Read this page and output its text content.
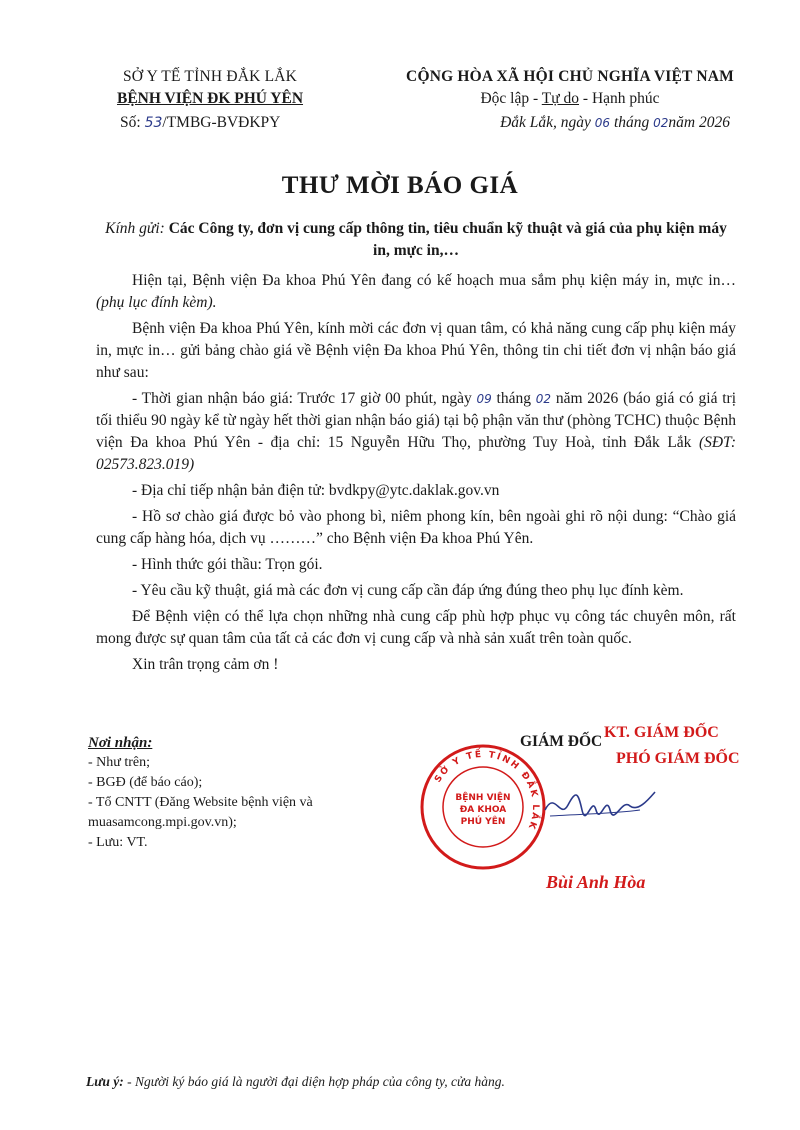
SỞ Y TẾ TỈNH ĐẮK LẮK
BỆNH VIỆN ĐK PHÚ YÊN
Số: 53/TMBG-BVĐKPY
CỘNG HÒA XÃ HỘI CHỦ NGHĨA VIỆT NAM
Độc lập - Tự do - Hạnh phúc
Đắk Lắk, ngày 06 tháng 02năm 2026
THƯ MỜI BÁO GIÁ
Kính gửi: Các Công ty, đơn vị cung cấp thông tin, tiêu chuẩn kỹ thuật và giá của phụ kiện máy in, mực in,…

Hiện tại, Bệnh viện Đa khoa Phú Yên đang có kế hoạch mua sắm phụ kiện máy in, mực in… (phụ lục đính kèm).

Bệnh viện Đa khoa Phú Yên, kính mời các đơn vị quan tâm, có khả năng cung cấp phụ kiện máy in, mực in… gửi bảng chào giá về Bệnh viện Đa khoa Phú Yên, thông tin chi tiết đơn vị nhận báo giá như sau:

- Thời gian nhận báo giá: Trước 17 giờ 00 phút, ngày 09 tháng 02 năm 2026 (báo giá có giá trị tối thiểu 90 ngày kể từ ngày hết thời gian nhận báo giá) tại bộ phận văn thư (phòng TCHC) thuộc Bệnh viện Đa khoa Phú Yên - địa chỉ: 15 Nguyễn Hữu Thọ, phường Tuy Hoà, tỉnh Đắk Lắk (SĐT: 02573.823.019)

- Địa chỉ tiếp nhận bản điện tử: bvdkpy@ytc.daklak.gov.vn

- Hồ sơ chào giá được bỏ vào phong bì, niêm phong kín, bên ngoài ghi rõ nội dung: “Chào giá cung cấp hàng hóa, dịch vụ ………” cho Bệnh viện Đa khoa Phú Yên.

- Hình thức gói thầu: Trọn gói.

- Yêu cầu kỹ thuật, giá mà các đơn vị cung cấp cần đáp ứng đúng theo phụ lục đính kèm.

Để Bệnh viện có thể lựa chọn những nhà cung cấp phù hợp phục vụ công tác chuyên môn, rất mong được sự quan tâm của tất cả các đơn vị cung cấp và nhà sản xuất trên toàn quốc.

Xin trân trọng cảm ơn !

Nơi nhận:
- Như trên;
- BGĐ (để báo cáo);
- Tổ CNTT (Đăng Website bệnh viện và muasamcong.mpi.gov.vn);
- Lưu: VT.
GIÁM ĐỐC
KT. GIÁM ĐỐC
PHÓ GIÁM ĐỐC
SỞ Y TẾ TỈNH ĐẮK LẮK
BỆNH VIỆN
ĐA KHOA
PHÚ YÊN
Bùi Anh Hòa
Lưu ý: - Người ký báo giá là người đại diện hợp pháp của công ty, cửa hàng.
